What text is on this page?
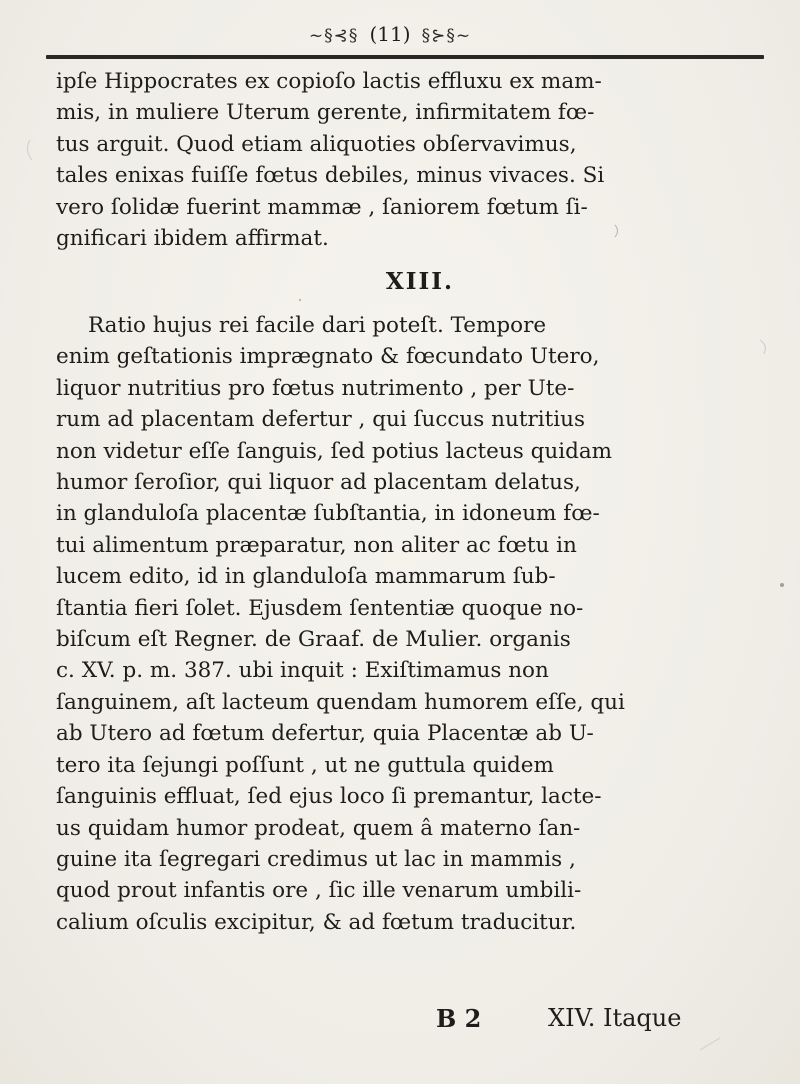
~§⊰§ (11) §⊱§~
ipſe Hippocrates ex copioſo lactis effluxu ex mam-
mis, in muliere Uterum gerente, infirmitatem fœ-
tus arguit. Quod etiam aliquoties obſervavimus,
tales enixas fuiſſe fœtus debiles, minus vivaces. Si
vero ſolidæ fuerint mammæ , ſaniorem fœtum ſi-
gnificari ibidem affirmat.
XIII.
Ratio hujus rei facile dari poteſt. Tempore
enim geſtationis imprægnato & fœcundato Utero,
liquor nutritius pro fœtus nutrimento , per Ute-
rum ad placentam defertur , qui ſuccus nutritius
non videtur eſſe ſanguis, ſed potius lacteus quidam
humor ſeroſior, qui liquor ad placentam delatus,
in glanduloſa placentæ ſubſtantia, in idoneum fœ-
tui alimentum præparatur, non aliter ac fœtu in
lucem edito, id in glanduloſa mammarum ſub-
ſtantia fieri ſolet. Ejusdem ſententiæ quoque no-
biſcum eſt Regner. de Graaf. de Mulier. organis
c. XV. p. m. 387. ubi inquit : Exiſtimamus non
ſanguinem, aſt lacteum quendam humorem eſſe, qui
ab Utero ad fœtum defertur, quia Placentæ ab U-
tero ita ſejungi poſſunt , ut ne guttula quidem
ſanguinis effluat, ſed ejus loco ſi premantur, lacte-
us quidam humor prodeat, quem â materno ſan-
guine ita ſegregari credimus ut lac in mammis ,
quod prout infantis ore , ſic ille venarum umbili-
calium oſculis excipitur, & ad fœtum traducitur.
B 2	XIV. Itaque
